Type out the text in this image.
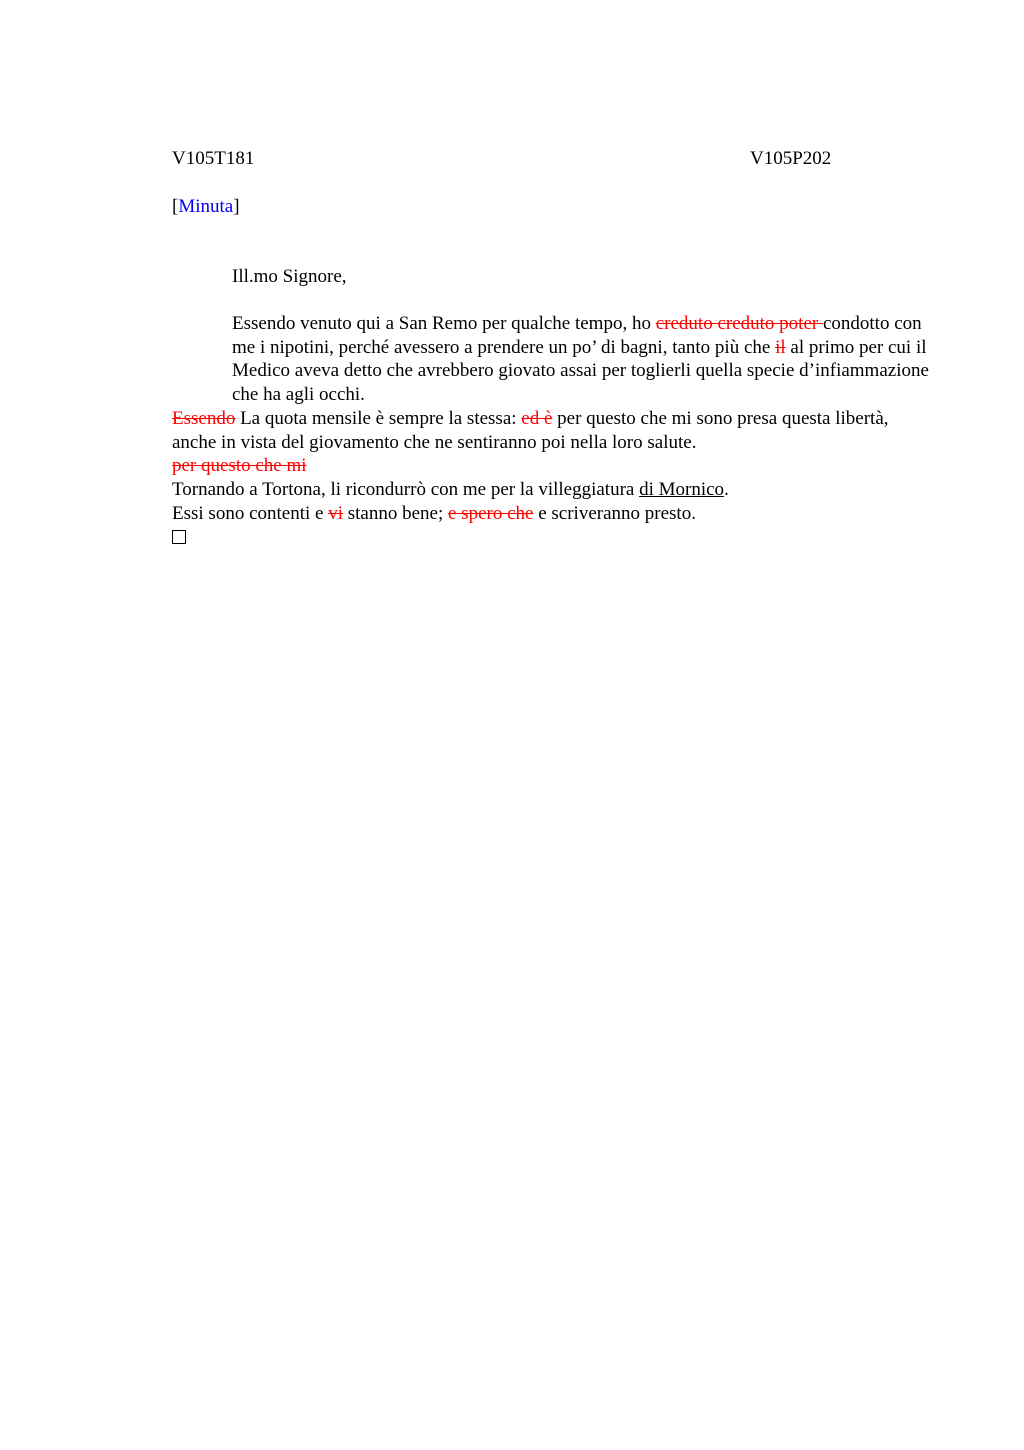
V105T181	V105P202
[Minuta]
Ill.mo Signore,

Essendo venuto qui a San Remo per qualche tempo, ho creduto creduto poter condotto con me i nipotini, perché avessero a prendere un po’ di bagni, tanto più che il al primo per cui il Medico aveva detto che avrebbero giovato assai per toglierli quella specie d’infiammazione che ha agli occhi.

Essendo La quota mensile è sempre la stessa: ed è per questo che mi sono presa questa libertà, anche in vista del giovamento che ne sentiranno poi nella loro salute.

per questo che mi

Tornando a Tortona, li ricondurrò con me per la villeggiatura di Mornico.

Essi sono contenti e vi stanno bene; e spero che e scriveranno presto.
